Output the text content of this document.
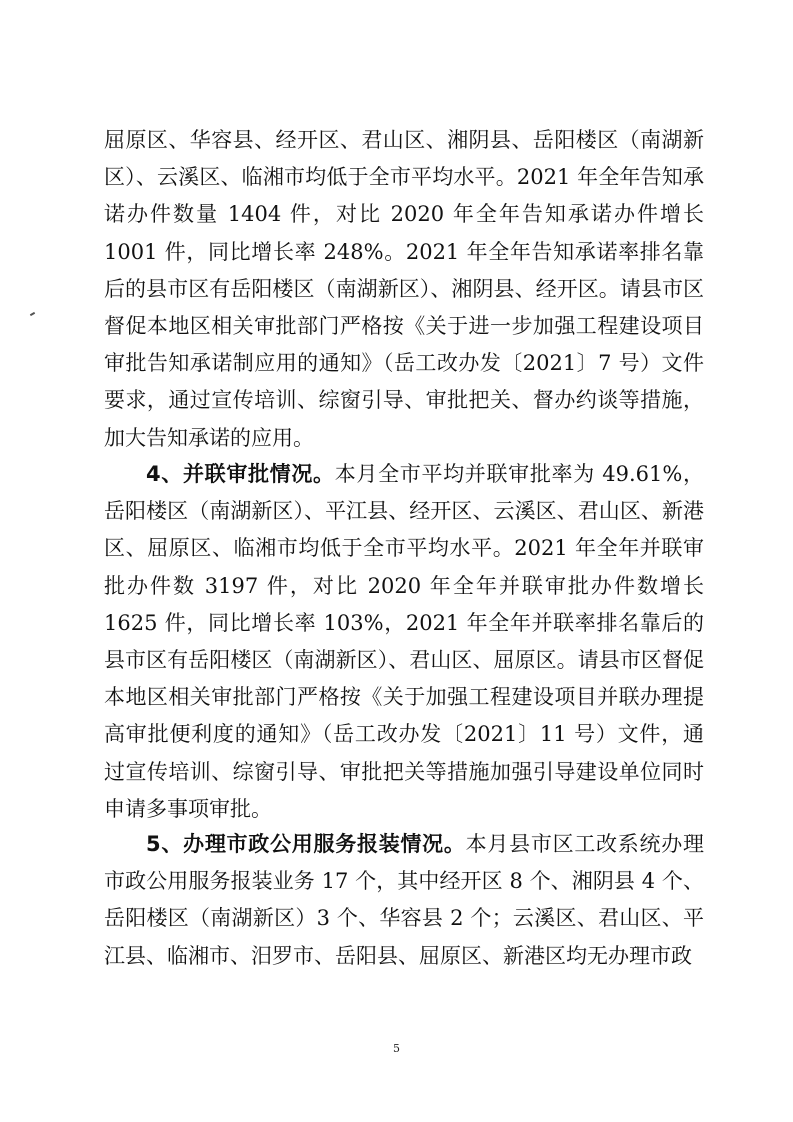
屈原区、华容县、经开区、君山区、湘阴县、岳阳楼区（南湖新区）、云溪区、临湘市均低于全市平均水平。2021 年全年告知承诺办件数量 1404 件，对比 2020 年全年告知承诺办件增长 1001 件，同比增长率 248%。2021 年全年告知承诺率排名靠后的县市区有岳阳楼区（南湖新区）、湘阴县、经开区。请县市区督促本地区相关审批部门严格按《关于进一步加强工程建设项目审批告知承诺制应用的通知》（岳工改办发〔2021〕7 号）文件要求，通过宣传培训、综窗引导、审批把关、督办约谈等措施，加大告知承诺的应用。

4、并联审批情况。本月全市平均并联审批率为 49.61%，岳阳楼区（南湖新区）、平江县、经开区、云溪区、君山区、新港区、屈原区、临湘市均低于全市平均水平。2021 年全年并联审批办件数 3197 件，对比 2020 年全年并联审批办件数增长 1625 件，同比增长率 103%，2021 年全年并联率排名靠后的县市区有岳阳楼区（南湖新区）、君山区、屈原区。请县市区督促本地区相关审批部门严格按《关于加强工程建设项目并联办理提高审批便利度的通知》（岳工改办发〔2021〕11 号）文件，通过宣传培训、综窗引导、审批把关等措施加强引导建设单位同时申请多事项审批。

5、办理市政公用服务报装情况。本月县市区工改系统办理市政公用服务报装业务 17 个，其中经开区 8 个、湘阴县 4 个、岳阳楼区（南湖新区）3 个、华容县 2 个；云溪区、君山区、平江县、临湘市、汨罗市、岳阳县、屈原区、新港区均无办理市政

5
